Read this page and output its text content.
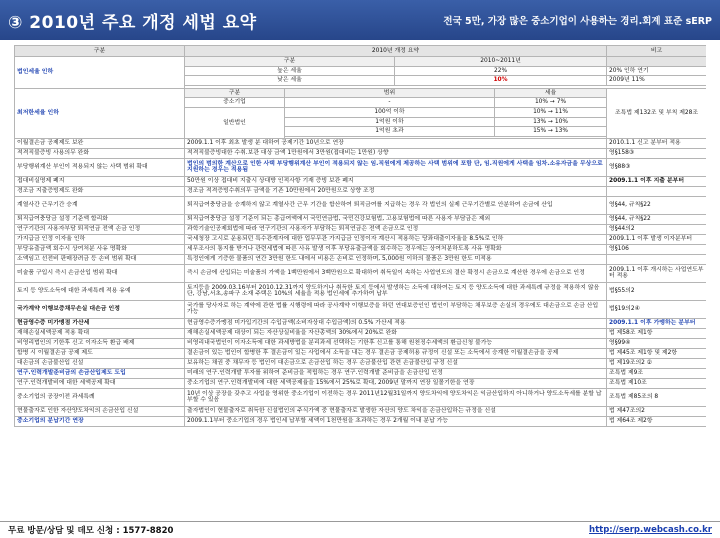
③ 2010년 주요 개정 세법 요약	전국 5만, 가장 많은 중소기업이 사용하는 경리.회계 표준 sERP
구분	2010년 개정 요약				비고
법인세율 인하	구분		2010~2011년		
	높은 세율		22%		20% 인하 연기
	낮은 세율		10%		2009년 11%

최저한세율 인하	구분	범위		세율	조특법 제132조 및 부칙 제28조
	중소기업	-		10% → 7%	
	일반법인	100억 이하		10% → 11%	
		1억원 이하		13% → 10%	
		1억원 초과		15% → 13%	

이월결손금 공제제도 보완	2009.1.1 이후 최초 발생 분 대하여 공제기간 10년으로 연장				2010.1.1 신고 분부터 적용
적격직불증빙 사용의무 완화	적격직불증빙대한 수취.보관 대상 금액 1만원에서 3만원(접대비는 1만원) 상향				영§158③
부당행위계산 부인이 적용되지 않는 사택 범위 확대	법인의 범의한 계산으로 인한 사택 부당행위계산 부인이 적용되지 않는 임.직원에게 제공하는 사택 범위에 포함 단, 임.직원에게 사택을 임차.소유자금을 무상으로 지원하는 경우는 적용됨				영§88③
접대비실명제 폐지	50만원 이상 접대비 지출시 상대방 인적사항 기재 증빙 보관 폐지				2009.1.1 이후 지출 분부터
경조금 지출증빙제도 완화	경조금 적격증빙수취의무 금액을 기존 10만원에서 20만원으로 상향 조정				
계열사간 근무기간 승계	퇴직급여충당금을 승계하지 않고 계열사간 근무 기간을 합산하여 퇴직금여를 지급하는 경우 각 법인의 실제 근무기간별로 안분하여 손금에 산입				영§44, 규칙§22
퇴직급여충당금 설정 기준액 합리화	퇴직급여충당금 설정 기준이 되는 총급여액에서 국민연금법, 국민건강보험법, 고용보험법에 따른 사용자 부담금은 제외				영§44, 규칙§22
연구기관의 사용자부담 퇴직연금 전액 손금 인정	과학기술인공제회법에 따라 연구기관의 사용자가 부담하는 퇴직연금은 전액 손금으로 인정				영§44의2
가지급금 인정 이자율 인하	국세청장 고시로 운용되던 특수관계자에 대한 업무무관 가지급금 인정이자 계산시 적용하는 당좌대출이자율을 8.5%로 인하				2009.1.1 이후 발생 이자분부터
부당유출금액 회수시 상여처분 사유 명확화	세무조사의 통지를 받거나 관련세법에 따른 사유 발생 이후 부당유출금액을 회수하는 경우에는 상여처분하도록 사유 명확화				영§106
소액임고 선전비 판매장려금 등 손비 범위 확대	특정인에게 기증한 물품의 연간 3만원 한도 내에서 비용은 손비로 인정하며, 5,000원 이하의 물품은 3만원 한도 미적용				
미술품 구입시 즉시 손금산입 범위 확대	즉시 손금에 산입되는 미술품의 가액을 1백만원에서 3백만원으로 확대하여 취득일이 속하는 사업연도의 결산 확정시 손금으로 계산한 경우에 손금으로 인정				2009.1.1 이후 개시하는 사업연도부터 적용
토지 등 양도소득에 대한 과세특례 적용 유예	토지등을 2009.03.16부터 2010.12.31까지 양도하거나 취득한 토지 등에서 발생하는 소득에 대하여는 토지 등 양도소득에 대한 과세특례 규정을 적용하지 않음 단, 강남,서초,송파구 소재 주택은 10%의 세율을 적용 법인세에 추가하여 납부				법§55의2
국가계약 이행보증채무손실 대손금 인정	국가를 당사자로 하는 계약에 관한 법률 시행령에 따라 공사계약 이행보증을 하던 연대보증인인 법인이 부담하는 채무보증 손실의 경우에도 대손금으로 손금 산입 가능				법§19의2④
현금영수증 미가맹점 가산세	현금영수증가맹점 미가입기간의 수입금액(소비자상대 수입금액)의 0.5% 가산세 적용				2009.1.1 이후 가맹하는 분부터
재해손실세액공제 적용 확대	재해손실세액공제 대상이 되는 자산상실비율을 자산총액의 30%에서 20%로 완화				법 제58조 제1항
비영리법인의 기한후 신고 이자소득 환급 배제	비영리내국법인이 이자소득에 대한 과세방법을 분리과세 선택하는 기한후 신고를 통해 원천징수세액의 환급신청 불가능				영§99④
합병 시 이월결손금 공제 제도	결손금이 있는 법인이 합병한 후 결손금이 있는 사업에서 소득을 내는 경우 결손금 공제허용 규정이 신설 또는 소득에서 승계한 이월결손금을 공제				법 제45조 제1항 및 제2항
대손금의 손금불산입 신설	보유하는 채권 중 채무자 등 법인이 대손금으로 손금산입 하는 경우 손금불산입 관련 손금불산입 규정 신설				법 제19조의2 ②
연구.인력개발준비금의 손금산입제도 도입	미래의 연구.인력개발 투자를 위하여 준비금을 적립하는 경우 연구.인력개발 준비금을 손금산입 인정				조특법 제9조
연구.인력개발비에 대한 세액공제 확대	중소기업의 연구.인력개발비에 대한 세액공제율을 15%에서 25%로 확대, 2009년 말까지 연장 일몰기한을 연장				조특법 제10조
중소기업의 공장이전 과세특례	10년 이상 공장을 갖추고 사업을 영위한 중소기업이 이전하는 경우 2011년12월31일까지 양도차익에 양도차익은 익금산입하지 아니하거나 양도소득세를 분할 납부할 수 있음				조특법 제85조의 8
현물출자로 인한 자산양도차익의 손금산입 신설	출자법인이 현물출자로 취득한 신설법인의 주식가액 중 현물출자로 발생한 자산의 양도 차익을 손금산입하는 규정을 신설				법 제47조의2
중소기업의 분납기간 연장	2009.1.1부터 중소기업의 경우 법인세 납부할 세액이 1천만원을 초과하는 경우 2개월 이내 분납 가능				법 제64조 제2항
무료 방문/상담 및 데모 신청 : 1577-8820	http://serp.webcash.co.kr
